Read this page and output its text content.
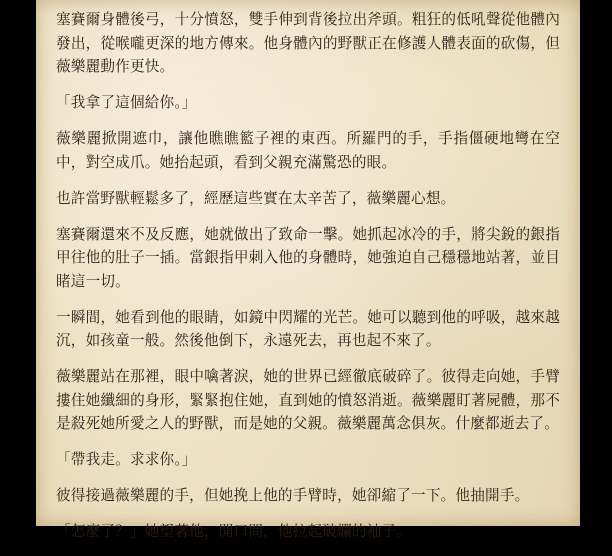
塞賽爾身體後弓，十分憤怒，雙手伸到背後拉出斧頭。粗狂的低吼聲從他體內發出，從喉嚨更深的地方傳來。他身體內的野獸正在修護人體表面的砍傷，但薇樂麗動作更快。

「我拿了這個給你。」

薇樂麗掀開遮巾，讓他瞧瞧籃子裡的東西。所羅門的手，手指僵硬地彎在空中，對空成爪。她抬起頭，看到父親充滿驚恐的眼。

也許當野獸輕鬆多了，經歷這些實在太辛苦了，薇樂麗心想。

塞賽爾還來不及反應，她就做出了致命一擊。她抓起冰冷的手，將尖銳的銀指甲往他的肚子一插。當銀指甲刺入他的身體時，她強迫自己穩穩地站著，並目睹這一切。

一瞬間，她看到他的眼睛，如鏡中閃耀的光芒。她可以聽到他的呼吸，越來越沉，如孩童一般。然後他倒下，永遠死去，再也起不來了。

薇樂麗站在那裡，眼中噙著淚，她的世界已經徹底破碎了。彼得走向她，手臂摟住她纖細的身形，緊緊抱住她，直到她的憤怒消逝。薇樂麗盯著屍體，那不是殺死她所愛之人的野獸，而是她的父親。薇樂麗萬念俱灰。什麼都逝去了。

「帶我走。求求你。」

彼得接過薇樂麗的手，但她挽上他的手臂時，她卻縮了一下。他抽開手。

「怎麼了？」她望著他，開口問，他拉起破爛的袖子。
